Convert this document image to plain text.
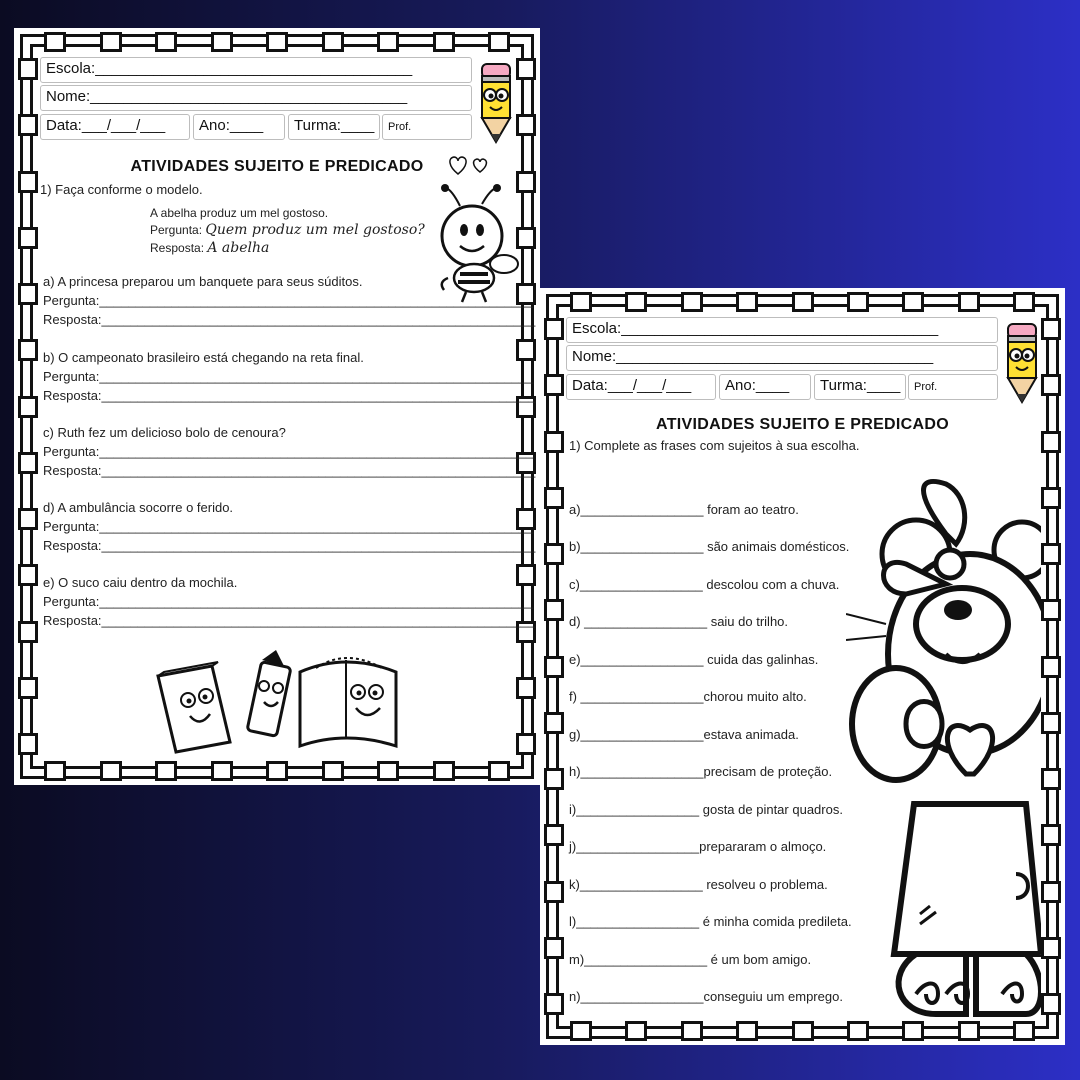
Escola:______________________________________
Nome:______________________________________
Data:___/___/___	Ano:____	Turma:____	Prof.
ATIVIDADES SUJEITO E PREDICADO
1) Faça conforme o modelo.
A abelha produz um mel gostoso.
Pergunta: Quem produz um mel gostoso?
Resposta: A abelha
a) A princesa preparou um banquete para seus súditos.
Pergunta:____________________________________________________________
Resposta:____________________________________________________________
b) O campeonato brasileiro está chegando na reta final.
Pergunta:____________________________________________________________
Resposta:____________________________________________________________
c) Ruth fez um delicioso bolo de cenoura?
Pergunta:____________________________________________________________
Resposta:____________________________________________________________
d) A ambulância socorre o ferido.
Pergunta:____________________________________________________________
Resposta:____________________________________________________________
e) O suco caiu dentro da mochila.
Pergunta:____________________________________________________________
Resposta:____________________________________________________________
Escola:______________________________________
Nome:______________________________________
Data:___/___/___	Ano:____	Turma:____	Prof.
ATIVIDADES SUJEITO E PREDICADO
1) Complete as frases com sujeitos à sua escolha.
a)_________________ foram ao teatro.
b)_________________ são animais domésticos.
c)_________________ descolou com a chuva.
d) _________________ saiu do trilho.
e)_________________ cuida das galinhas.
f) _________________chorou muito alto.
g)_________________estava animada.
h)_________________precisam de proteção.
i)_________________ gosta de pintar quadros.
j)_________________prepararam o almoço.
k)_________________ resolveu o problema.
l)_________________ é minha comida predileta.
m)_________________ é um bom amigo.
n)_________________conseguiu um emprego.
